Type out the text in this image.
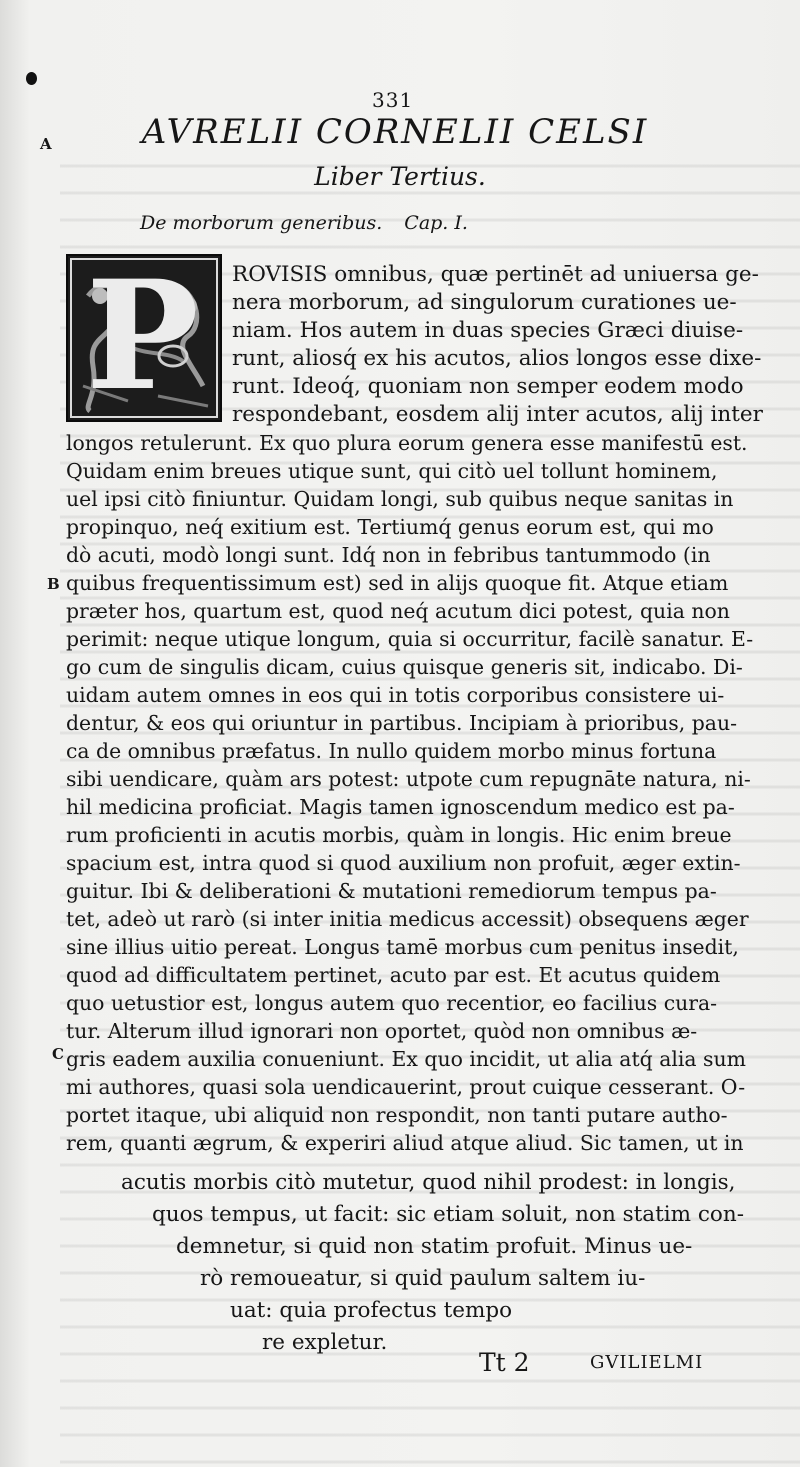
331
A
B
C
AVRELII CORNELII CELSI
Liber Tertius.
De morborum generibus. Cap. I.
P ROVISIS omnibus, quæ pertinēt ad uniuersa ge-
nera morborum, ad singulorum curationes ue-
niam. Hos autem in duas species Græci diuise-
runt, aliosq́ ex his acutos, alios longos esse dixe-
runt. Ideoq́, quoniam non semper eodem modo
respondebant, eosdem alij inter acutos, alij inter
longos retulerunt. Ex quo plura eorum genera esse manifestū est.
Quidam enim breues utique sunt, qui citò uel tollunt hominem,
uel ipsi citò finiuntur. Quidam longi, sub quibus neque sanitas in
propinquo, neq́ exitium est. Tertiumq́ genus eorum est, qui mo
dò acuti, modò longi sunt. Idq́ non in febribus tantummodo (in
quibus frequentissimum est) sed in alijs quoque fit. Atque etiam
præter hos, quartum est, quod neq́ acutum dici potest, quia non
perimit: neque utique longum, quia si occurritur, facilè sanatur. E-
go cum de singulis dicam, cuius quisque generis sit, indicabo. Di-
uidam autem omnes in eos qui in totis corporibus consistere ui-
dentur, & eos qui oriuntur in partibus. Incipiam à prioribus, pau-
ca de omnibus præfatus. In nullo quidem morbo minus fortuna
sibi uendicare, quàm ars potest: utpote cum repugnāte natura, ni-
hil medicina proficiat. Magis tamen ignoscendum medico est pa-
rum proficienti in acutis morbis, quàm in longis. Hic enim breue
spacium est, intra quod si quod auxilium non profuit, æger extin-
guitur. Ibi & deliberationi & mutationi remediorum tempus pa-
tet, adeò ut rarò (si inter initia medicus accessit) obsequens æger
sine illius uitio pereat. Longus tamē morbus cum penitus insedit,
quod ad difficultatem pertinet, acuto par est. Et acutus quidem
quo uetustior est, longus autem quo recentior, eo facilius cura-
tur. Alterum illud ignorari non oportet, quòd non omnibus æ-
gris eadem auxilia conueniunt. Ex quo incidit, ut alia atq́ alia sum
mi authores, quasi sola uendicauerint, prout cuique cesserant. O-
portet itaque, ubi aliquid non respondit, non tanti putare autho-
rem, quanti ægrum, & experiri aliud atque aliud. Sic tamen, ut in
acutis morbis citò mutetur, quod nihil prodest: in longis,
quos tempus, ut facit: sic etiam soluit, non statim con-
demnetur, si quid non statim profuit. Minus ue-
rò remoueatur, si quid paulum saltem iu-
uat: quia profectus tempo
re expletur.
Tt 2	GVILIELMI
